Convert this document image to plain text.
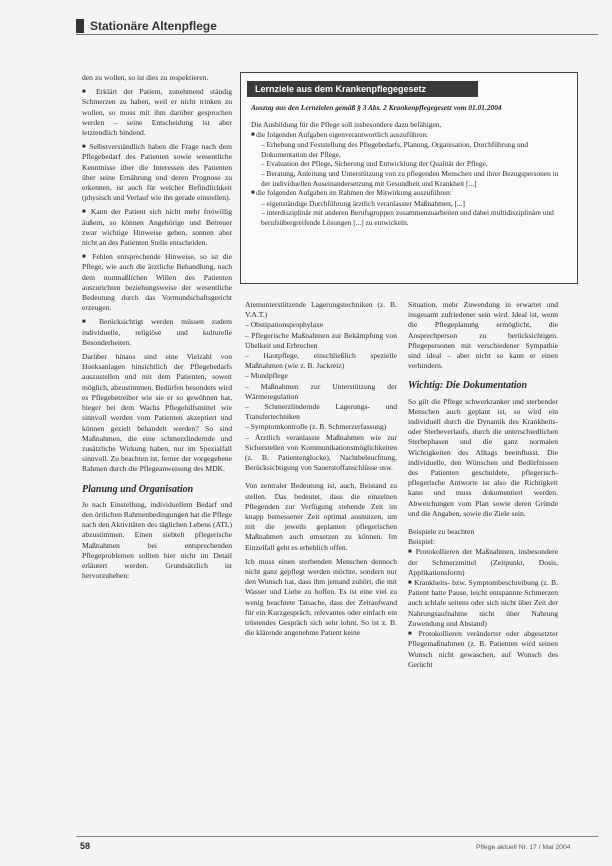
Stationäre Altenpflege

den zu wollen, so ist dies zu respektieren.

■ Erklärt der Patient, zunehmend ständig Schmerzen zu haben, weil er nicht trinken zu wollen, so muss mit ihm darüber gesprochen werden – seine Entscheidung ist aber letztendlich bindend.

■ Selbstverständlich haben die Frage nach dem Pflegebedarf des Patienten sowie wesentliche Kenntnisse über die Interessen des Patienten über seine Ernährung und deren Prognose zu erkennen, ist auch für welcher Befindlichkeit (physisch und Verlauf wie ihn gerade einstellen).

■ Kann der Patient sich nicht mehr freiwillig äußern, so können Angehörige und Betreuer zwar wichtige Hinweise geben, sonnen aber nicht an des Patienten Stelle entscheiden.

■ Fehlen entsprechende Hinweise, so ist die Pflege, wie auch die ärztliche Behandlung, nach dem mutmaßlichen Willen des Patienten auszurichten beziehungsweise der wesentliche Bedeutung durch das Vormundschaftsgericht erzeugen.

■ Berücksichtigt werden müssen zudem individuelle, religiöse und kulturelle Besonderheiten.

Darüber hinaus sind eine Vielzahl von Hoeksanlagen hinsichtlich der Pflegebedarfs auszustellen und mit dem Patienten, soweit möglich, abzustimmen. Bedürfen besonders wird es Pflegebetreiber wie sie er so gewöhnen hat, bieger bei dem Wachs Pflegehilfsmittel wie sinnvoll werden vom Patienten akzeptiert und können gezielt behandelt werden? So sind Maßnahmen, die eine schmerzlindernde und zusätzliche Wirkung haben, nur im Spezialfall sinnvoll. Zu beachten ist, ferner der vorgegebene Rahmen durch die Pflegeanweisung des MDK.

Planung und Organisation

Je nach Einstellung, individuellem Bedarf und den örtlichen Rahmenbedingungen hat die Pflege nach den Aktivitäten des täglichen Lebens (ATL) abzustimmen. Einen siebtelt pflegerische Maßnahmen bei entsprechenden Pflegeproblemen sollten hier nicht im Detail erläutert werden. Grundsätzlich ist hervorzuheben:

Lernziele aus dem Krankenpflegegesetz
Auszug aus den Lernzielen gemäß § 3 Abs. 2 Krankenpflegegesetz vom 01.01.2004
Die Ausbildung für die Pflege soll insbesondere dazu befähigen,
■ die folgenden Aufgaben eigenverantwortlich auszuführen:
– Erhebung und Feststellung des Pflegebedarfs, Planung, Organisation, Durchführung und Dokumentation der Pflege,
– Evaluation der Pflege, Sicherung und Entwicklung der Qualität der Pflege,
– Beratung, Anleitung und Unterstützung von zu pflegenden Menschen und ihrer Bezugspersonen in der individuellen Auseinandersetzung mit Gesundheit und Krankheit [...]
■ die folgenden Aufgaben im Rahmen der Mitwirkung auszuführen:
– eigenständige Durchführung ärztlich veranlasster Maßnahmen, [...]
– interdisziplinär mit anderen Berufsgruppen zusammenzuarbeiten und dabei multidisziplinäre und berufsübergreifende Lösungen [...] zu entwickeln.
Atemunterstützende Lagerungstechniken (z. B. V.A.T.)
– Obstipationsprophylaxe
– Pflegerische Maßnahmen zur Bekämpfung von Übelkeit und Erbrechen
– Hautpflege, einschließlich spezielle Maßnahmen (wie z. B. Juckreiz)
– Mundpflege
– Maßnahmen zur Unterstützung der Wärmeregulation
– Schmerzlindernde Lagerungs- und Transfertechniken
– Symptomkontrolle (z. B. Schmerzerfassung)
– Ärztlich veranlasste Maßnahmen wie zur Sicherstellen von Kommunikationsmöglichkeiten (z. B. Patientenglocke), Nachtbeleuchtung, Berücksichtigung von Sauerstoffanschlüsse usw.

Von zentraler Bedeutung ist, auch, Beistand zu stellen. Das bedeutet, dass die einzelnen Pflegenden zur Verfügung stehende Zeit im knapp bemessener Zeit optimal ausnutzen, um mit die jeweils geplanten pflegerischen Maßnahmen auch umsetzen zu können. Im Einzelfall geht es erheblich offen.

Ich muss einen sterbenden Menschen dennoch nicht ganz gepflegt werden möchte, sondern nur den Wunsch hat, dass ihm jemand zuhört, die mit Wasser und Liebe zu hoffen. Es ist eine viel zu wenig beachtete Tatsache, dass der Zeitaufwand für ein Kurzgespräch, relevantes oder einfach ein tröstendes Gespräch sich sehr lohnt. So ist z. B. die klärende angenehme Patient keine

Situation, mehr Zuwendung in erwartet und insgesamt zufriedener sein wird. Ideal ist, wenn die Pflegeplanung ermöglicht, die Ansprechperson zu berücksichtigen. Pflegepersonen mit verschiedener Sympathie sind ideal – aber nicht so kann er einen verhindern.

Wichtig: Die Dokumentation

So gilt die Pflege schwerkranker und sterbender Menschen auch geplant ist, so wird ein individuell durch die Dynamik des Krankheits- oder Sterbeverlaufs, durch die unterschiedlichen Sterbephasen und die ganz normalen Wichtigkeiten des Alltags beeinflusst. Die individuelle, den Wünschen und Bedürfnissen des Patienten geschuldete, pflegerisch-pflegerische Antworte ist also die Richtigkeit kann und muss dokumentiert werden. Abweichungen vom Plan sowie deren Gründe und die Angaben, sowie die Ziele sein.

Beispiele zu beachten
Beispiel:
■ Protokollieren der Maßnahmen, insbesondere der Schmerzmittel (Zeitpunkt, Dosis, Applikationsform)
■ Krankheits- bzw. Symptombeschreibung (z. B. Patient hatte Pause, leicht entspannte Schmerzen auch schlafe seitens oder sich nicht über Zeit der Nahrungsaufnahme nicht über Nahrung Zuwendung und Abstand)
■ Protokollieren veränderter oder abgesetzter Pflegemaßnahmen (z. B. Patienten wird seinen Wunsch nicht gewaschen, auf Wunsch des Gerücht
58	Pflege aktuell Nr. 17 / Mai 2004
